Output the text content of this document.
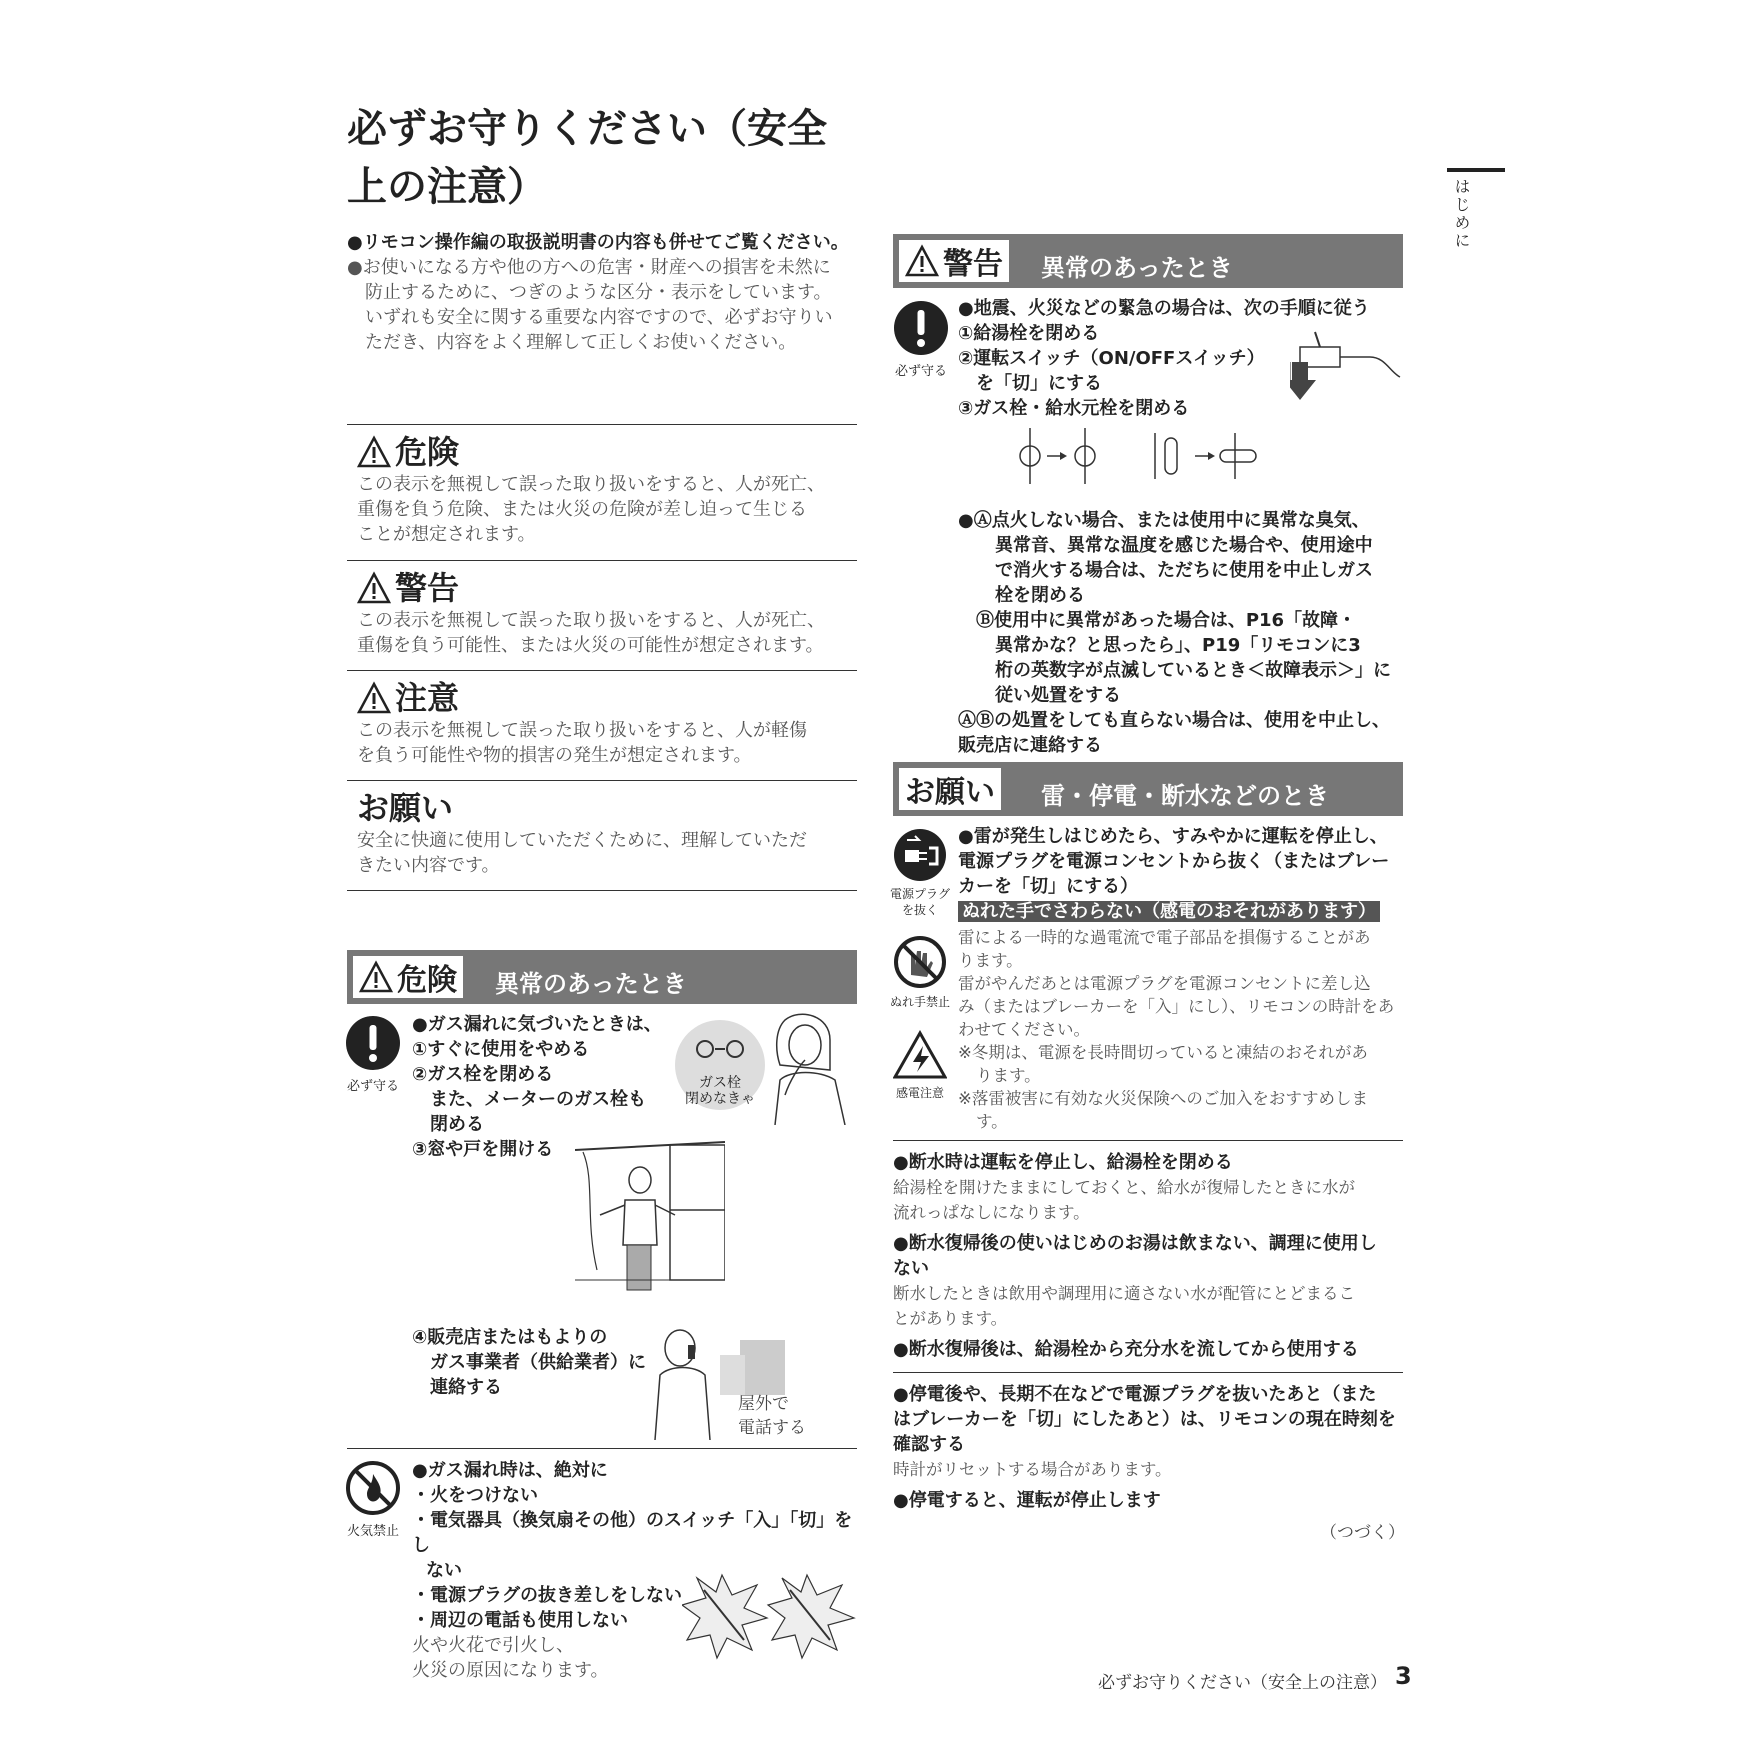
必ずお守りください（安全
上の注意）	はじめに
●リモコン操作編の取扱説明書の内容も併せてご覧ください。
●お使いになる方や他の方への危害・財産への損害を未然に
防止するために、つぎのような区分・表示をしています。
いずれも安全に関する重要な内容ですので、必ずお守りい
ただき、内容をよく理解して正しくお使いください。
危険
この表示を無視して誤った取り扱いをすると、人が死亡、
重傷を負う危険、または火災の危険が差し迫って生じる
ことが想定されます。
警告
この表示を無視して誤った取り扱いをすると、人が死亡、
重傷を負う可能性、または火災の可能性が想定されます。
注意
この表示を無視して誤った取り扱いをすると、人が軽傷
を負う可能性や物的損害の発生が想定されます。
お願い
安全に快適に使用していただくために、理解していただ
きたい内容です。
危険 異常のあったとき
必ず守る
●ガス漏れに気づいたときは、
①すぐに使用をやめる
②ガス栓を閉める
また、メーターのガス栓も
閉める
③窓や戸を開ける
ガス栓
閉めなきゃ
④販売店またはもよりの
ガス事業者（供給業者）に
連絡する
屋外で
電話する
火気禁止
●ガス漏れ時は、絶対に
・火をつけない
・電気器具（換気扇その他）のスイッチ「入」「切」をし
ない
・電源プラグの抜き差しをしない
・周辺の電話も使用しない
火や火花で引火し、
火災の原因になります。
警告 異常のあったとき
必ず守る
●地震、火災などの緊急の場合は、次の手順に従う
①給湯栓を閉める
②運転スイッチ（ON/OFFスイッチ）
を「切」にする
③ガス栓・給水元栓を閉める
●Ⓐ点火しない場合、または使用中に異常な臭気、
異常音、異常な温度を感じた場合や、使用途中
で消火する場合は、ただちに使用を中止しガス
栓を閉める
Ⓑ使用中に異常があった場合は、P16「故障・
異常かな？と思ったら」、P19「リモコンに3
桁の英数字が点滅しているとき＜故障表示＞」に
従い処置をする
ⒶⒷの処置をしても直らない場合は、使用を中止し、
販売店に連絡する
お願い 雷・停電・断水などのとき
電源プラグ
を抜く
ぬれ手禁止
感電注意
●雷が発生しはじめたら、すみやかに運転を停止し、
電源プラグを電源コンセントから抜く（またはブレー
カーを「切」にする）
ぬれた手でさわらない（感電のおそれがあります）
雷による一時的な過電流で電子部品を損傷することがあ
ります。
雷がやんだあとは電源プラグを電源コンセントに差し込
み（またはブレーカーを「入」にし）、リモコンの時計をあ
わせてください。
※冬期は、電源を長時間切っていると凍結のおそれがあ
ります。
※落雷被害に有効な火災保険へのご加入をおすすめしま
す。
●断水時は運転を停止し、給湯栓を閉める
給湯栓を開けたままにしておくと、給水が復帰したときに水が
流れっぱなしになります。
●断水復帰後の使いはじめのお湯は飲まない、調理に使用し
ない
断水したときは飲用や調理用に適さない水が配管にとどまるこ
とがあります。
●断水復帰後は、給湯栓から充分水を流してから使用する
●停電後や、長期不在などで電源プラグを抜いたあと（また
はブレーカーを「切」にしたあと）は、リモコンの現在時刻を
確認する
時計がリセットする場合があります。
●停電すると、運転が停止します
（つづく）
必ずお守りください（安全上の注意） 3
